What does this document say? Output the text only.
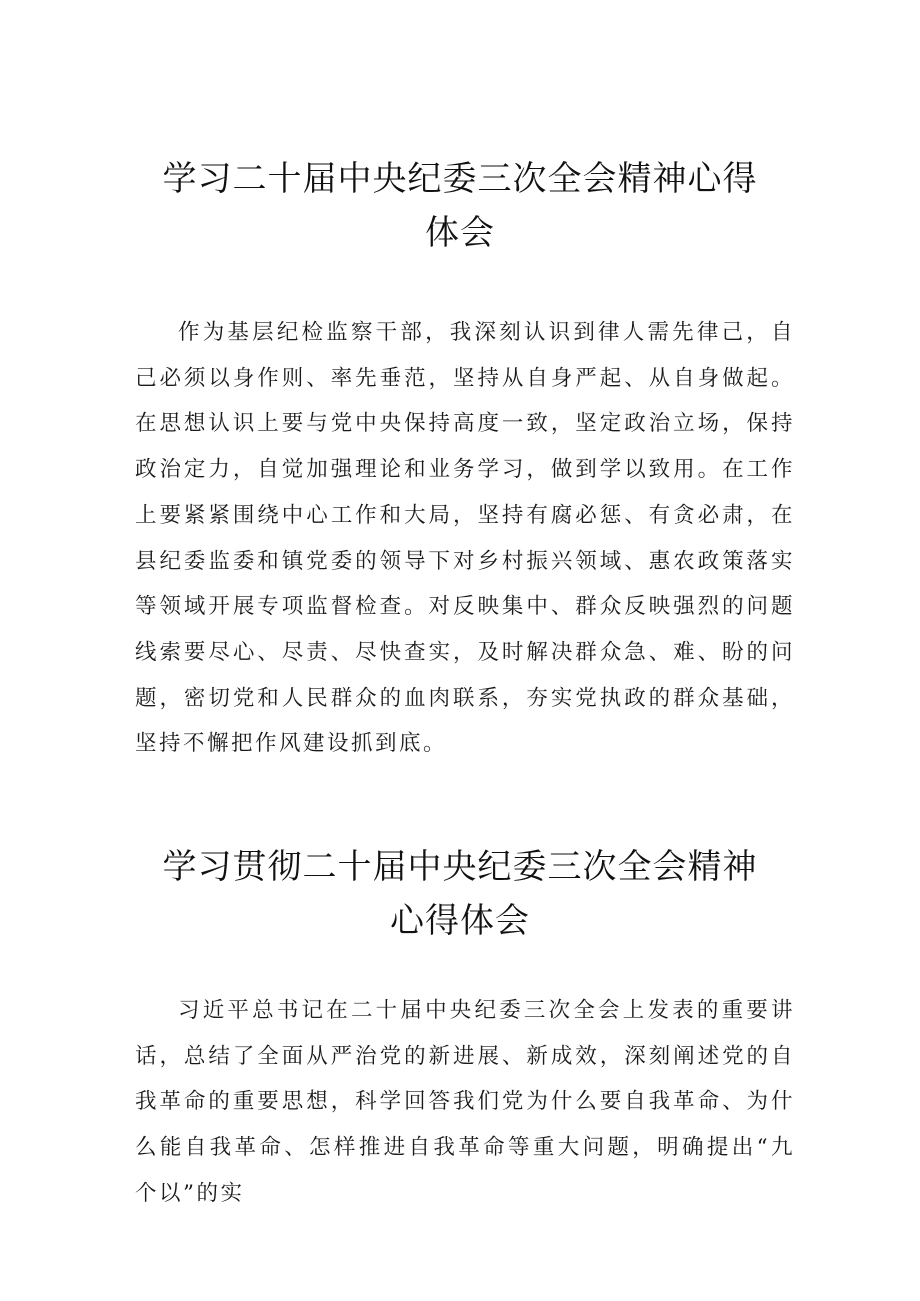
学习二十届中央纪委三次全会精神心得体会

作为基层纪检监察干部，我深刻认识到律人需先律己，自己必须以身作则、率先垂范，坚持从自身严起、从自身做起。在思想认识上要与党中央保持高度一致，坚定政治立场，保持政治定力，自觉加强理论和业务学习，做到学以致用。在工作上要紧紧围绕中心工作和大局，坚持有腐必惩、有贪必肃，在县纪委监委和镇党委的领导下对乡村振兴领域、惠农政策落实等领域开展专项监督检查。对反映集中、群众反映强烈的问题线索要尽心、尽责、尽快查实，及时解决群众急、难、盼的问题，密切党和人民群众的血肉联系，夯实党执政的群众基础，坚持不懈把作风建设抓到底。

学习贯彻二十届中央纪委三次全会精神心得体会

习近平总书记在二十届中央纪委三次全会上发表的重要讲话，总结了全面从严治党的新进展、新成效，深刻阐述党的自我革命的重要思想，科学回答我们党为什么要自我革命、为什么能自我革命、怎样推进自我革命等重大问题，明确提出“九个以”的实
